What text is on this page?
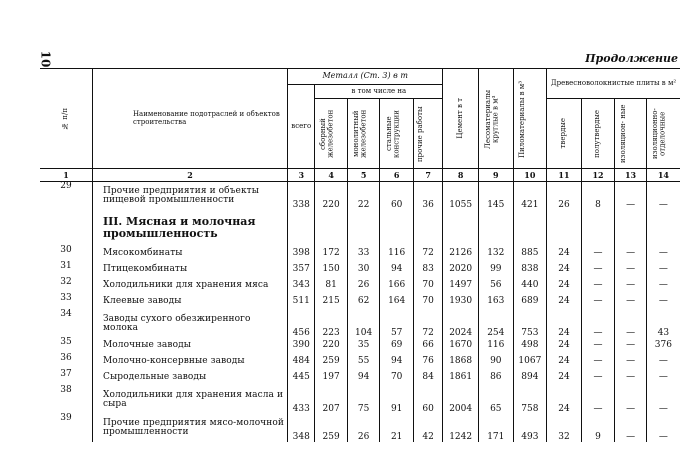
10	Продолжение
№ п/п	Наименование подотраслей и объектов строительства	Металл (Ст. 3) в т					Цемент в т	Лесоматериалы круглые в м³	Пиломатериалы в м³	Древесноволокнистые плиты в м²			
		всего	в том числе на										

			сборный железобетон	монолитный железобетон	стальные конструкции	прочие работы				твердые	полутвердые	изоляцион- ные	изоляционно- отделочные

1	2	3	4	5	6	7	8	9	10	11	12	13	14
29	Прочие предприятия и объекты пищевой промышленности	338	220	22	60	36	1055	145	421	26	8	—	—
	III. Мясная и молочная промышленность												
30	Мясокомбинаты	398	172	33	116	72	2126	132	885	24	—	—	—
31	Птицекомбинаты	357	150	30	94	83	2020	99	838	24	—	—	—
32	Холодильники для хранения мяса	343	81	26	166	70	1497	56	440	24	—	—	—
33	Клеевые заводы	511	215	62	164	70	1930	163	689	24	—	—	—
34	Заводы сухого обезжиренного молока	456	223	104	57	72	2024	254	753	24	—	—	43
35	Молочные заводы	390	220	35	69	66	1670	116	498	24	—	—	376
36	Молочно-консервные заводы	484	259	55	94	76	1868	90	1067	24	—	—	—
37	Сыродельные заводы	445	197	94	70	84	1861	86	894	24	—	—	—
38	Холодильники для хранения масла и сыра	433	207	75	91	60	2004	65	758	24	—	—	—
39	Прочие предприятия мясо-молочной промышленности	348	259	26	21	42	1242	171	493	32	9	—	—
